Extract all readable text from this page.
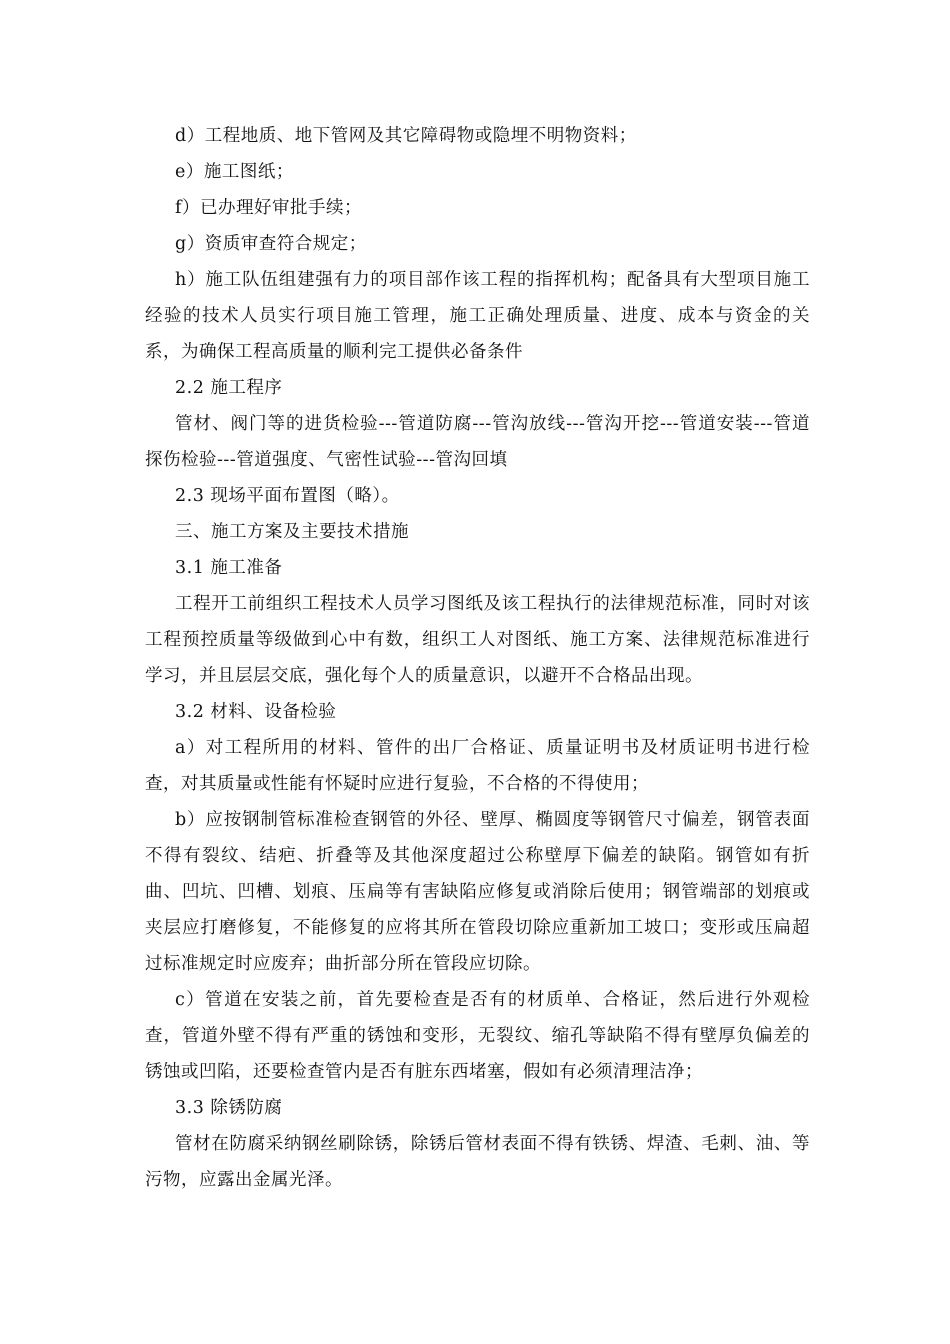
d）工程地质、地下管网及其它障碍物或隐埋不明物资料；

e）施工图纸；

f）已办理好审批手续；

g）资质审查符合规定；

h）施工队伍组建强有力的项目部作该工程的指挥机构；配备具有大型项目施工经验的技术人员实行项目施工管理，施工正确处理质量、进度、成本与资金的关系，为确保工程高质量的顺利完工提供必备条件

2.2 施工程序

管材、阀门等的进货检验---管道防腐---管沟放线---管沟开挖---管道安装---管道探伤检验---管道强度、气密性试验---管沟回填

2.3 现场平面布置图（略）。

三、施工方案及主要技术措施

3.1 施工准备

工程开工前组织工程技术人员学习图纸及该工程执行的法律规范标准，同时对该工程预控质量等级做到心中有数，组织工人对图纸、施工方案、法律规范标准进行学习，并且层层交底，强化每个人的质量意识，以避开不合格品出现。

3.2 材料、设备检验

a）对工程所用的材料、管件的出厂合格证、质量证明书及材质证明书进行检查，对其质量或性能有怀疑时应进行复验，不合格的不得使用；

b）应按钢制管标准检查钢管的外径、壁厚、椭圆度等钢管尺寸偏差，钢管表面不得有裂纹、结疤、折叠等及其他深度超过公称壁厚下偏差的缺陷。钢管如有折曲、凹坑、凹槽、划痕、压扁等有害缺陷应修复或消除后使用；钢管端部的划痕或夹层应打磨修复，不能修复的应将其所在管段切除应重新加工坡口；变形或压扁超过标准规定时应废弃；曲折部分所在管段应切除。

c）管道在安装之前，首先要检查是否有的材质单、合格证，然后进行外观检查，管道外壁不得有严重的锈蚀和变形，无裂纹、缩孔等缺陷不得有壁厚负偏差的锈蚀或凹陷，还要检查管内是否有脏东西堵塞，假如有必须清理洁净；

3.3 除锈防腐

管材在防腐采纳钢丝刷除锈，除锈后管材表面不得有铁锈、焊渣、毛刺、油、等污物，应露出金属光泽。
